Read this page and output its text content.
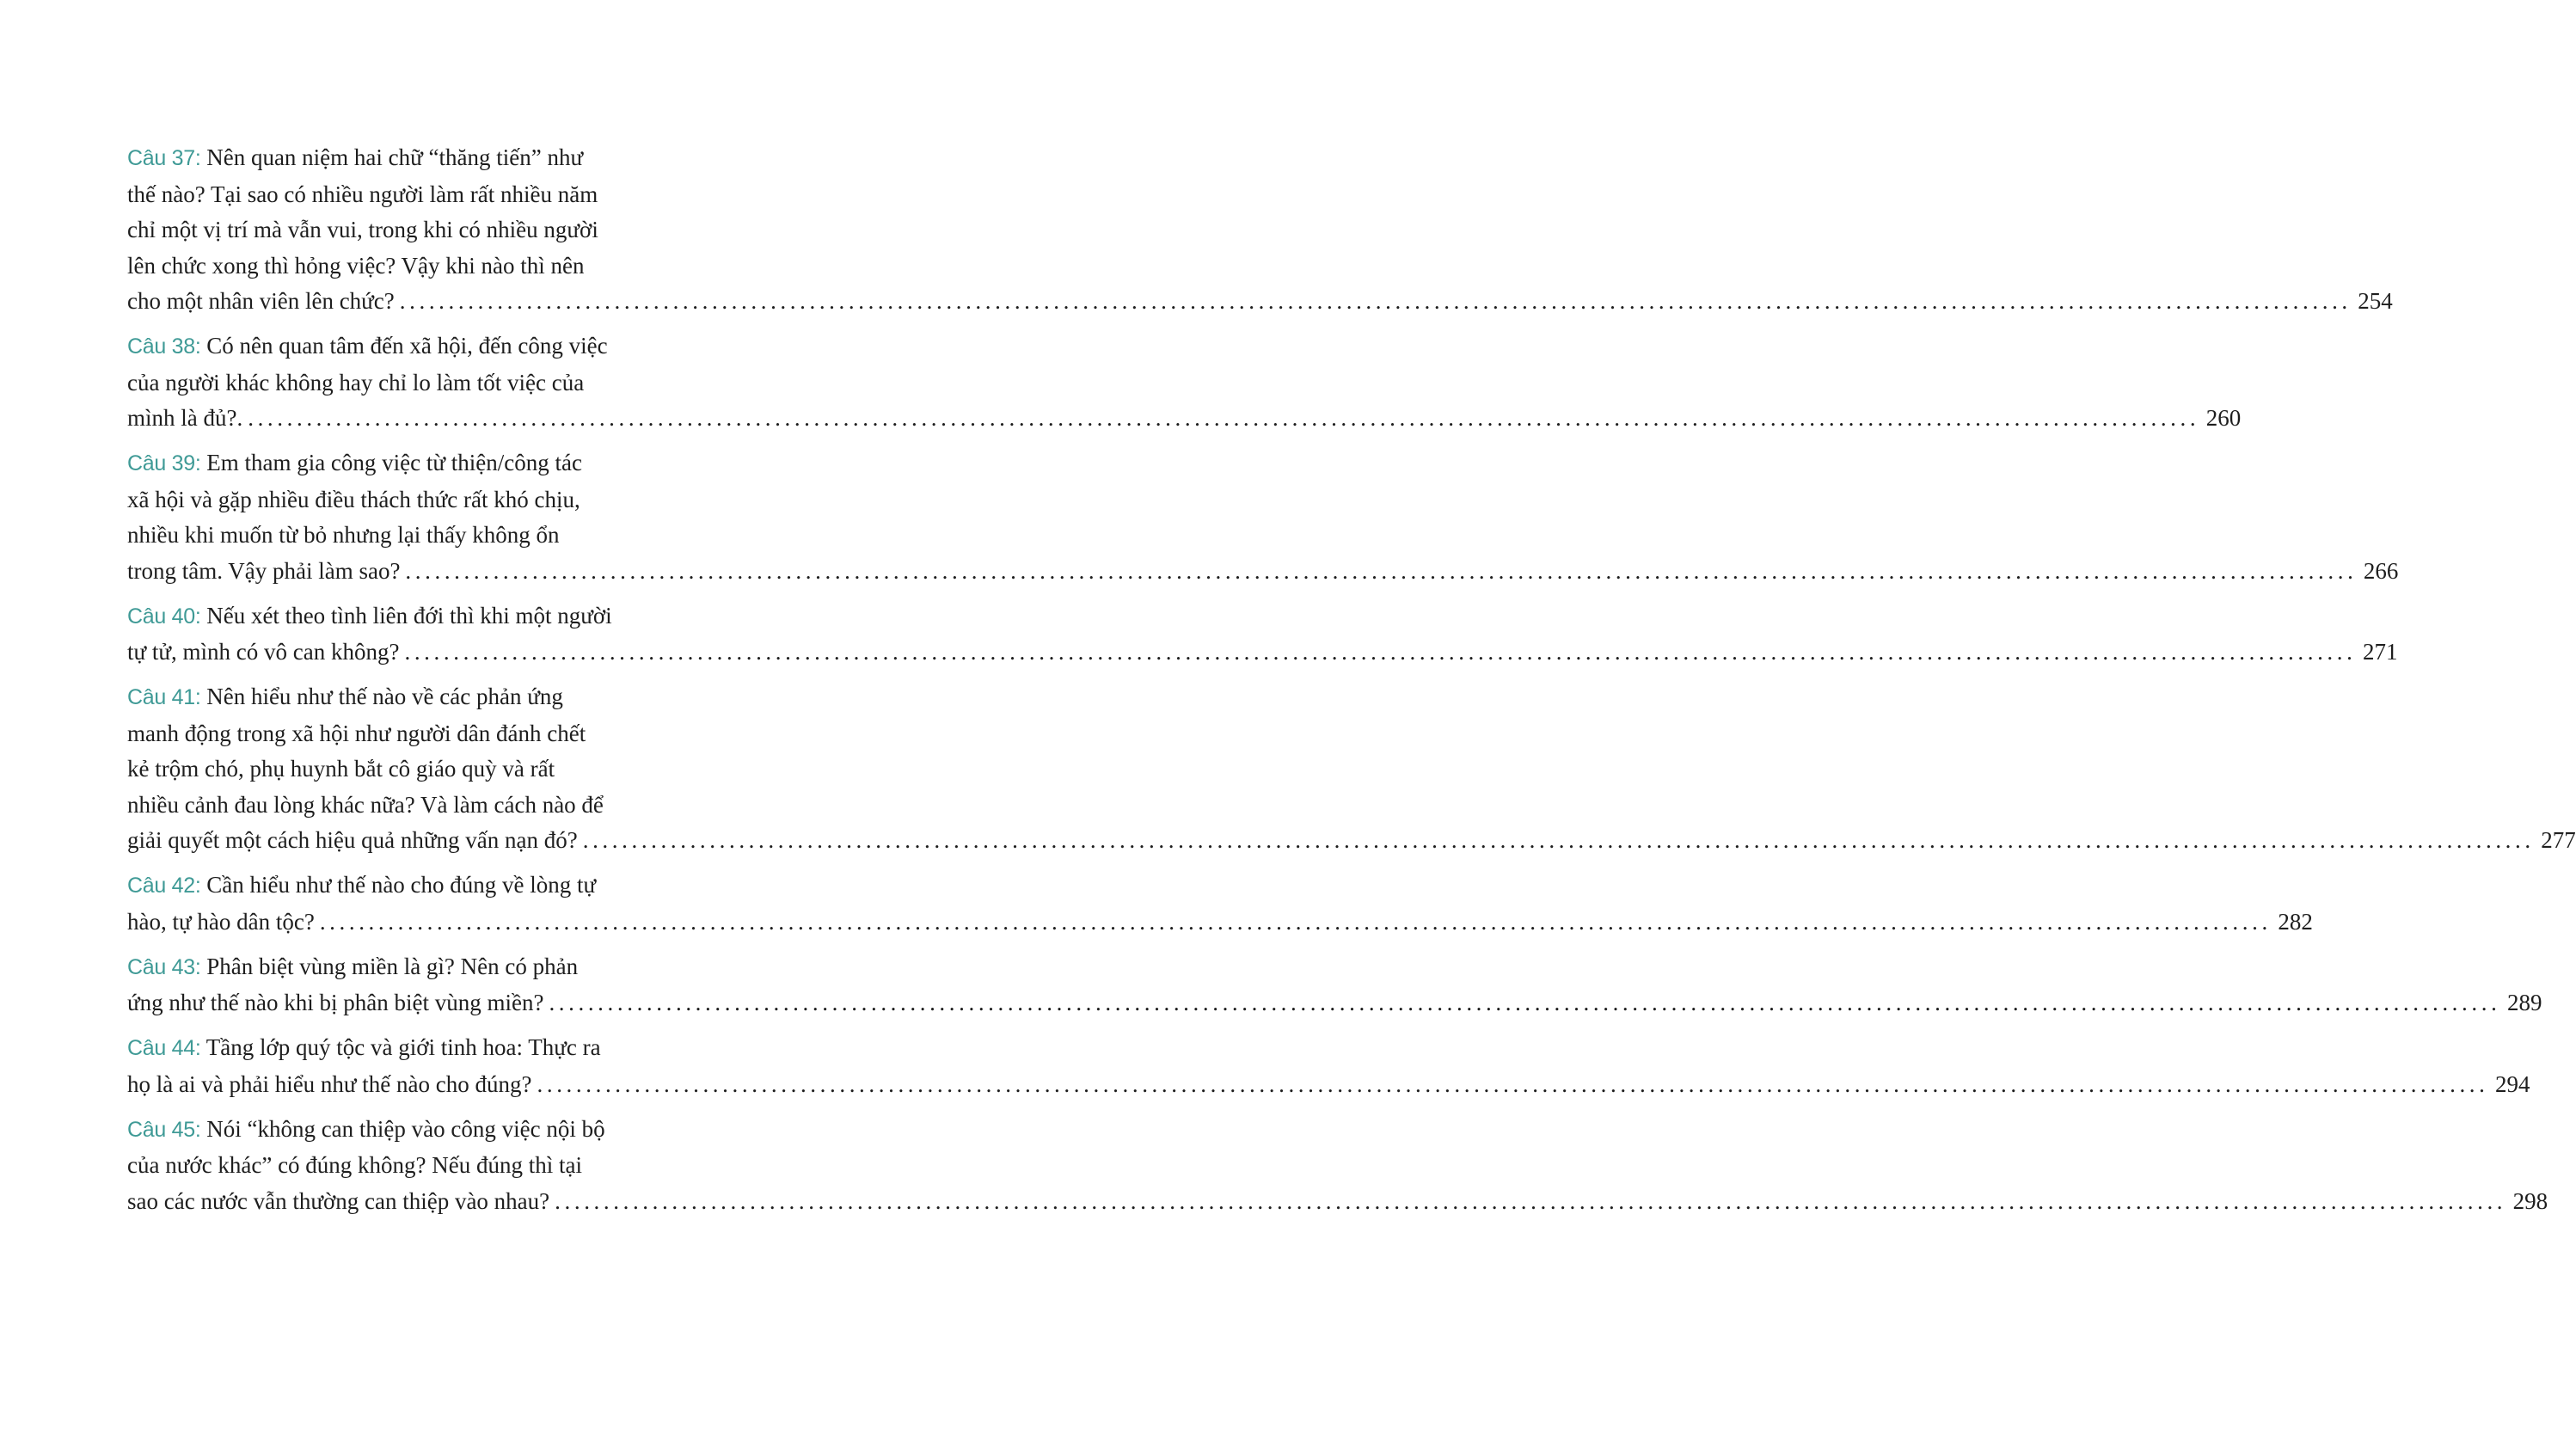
Câu 37: Nên quan niệm hai chữ “thăng tiến” như
thế nào? Tại sao có nhiều người làm rất nhiều năm
chỉ một vị trí mà vẫn vui, trong khi có nhiều người
lên chức xong thì hỏng việc? Vậy khi nào thì nên
cho một nhân viên lên chức? ........................................................................................................................................................................................................ 254
Câu 38: Có nên quan tâm đến xã hội, đến công việc
của người khác không hay chỉ lo làm tốt việc của
mình là đủ?. ........................................................................................................................................................................................................ 260
Câu 39: Em tham gia công việc từ thiện/công tác
xã hội và gặp nhiều điều thách thức rất khó chịu,
nhiều khi muốn từ bỏ nhưng lại thấy không ổn
trong tâm. Vậy phải làm sao? ........................................................................................................................................................................................................ 266
Câu 40: Nếu xét theo tình liên đới thì khi một người
tự tử, mình có vô can không? ........................................................................................................................................................................................................ 271
Câu 41: Nên hiểu như thế nào về các phản ứng
manh động trong xã hội như người dân đánh chết
kẻ trộm chó, phụ huynh bắt cô giáo quỳ và rất
nhiều cảnh đau lòng khác nữa? Và làm cách nào để
giải quyết một cách hiệu quả những vấn nạn đó? ........................................................................................................................................................................................................ 277
Câu 42: Cần hiểu như thế nào cho đúng về lòng tự
hào, tự hào dân tộc? ........................................................................................................................................................................................................ 282
Câu 43: Phân biệt vùng miền là gì? Nên có phản
ứng như thế nào khi bị phân biệt vùng miền? ........................................................................................................................................................................................................ 289
Câu 44: Tầng lớp quý tộc và giới tinh hoa: Thực ra
họ là ai và phải hiểu như thế nào cho đúng? ........................................................................................................................................................................................................ 294
Câu 45: Nói “không can thiệp vào công việc nội bộ
của nước khác” có đúng không? Nếu đúng thì tại
sao các nước vẫn thường can thiệp vào nhau? ........................................................................................................................................................................................................ 298
